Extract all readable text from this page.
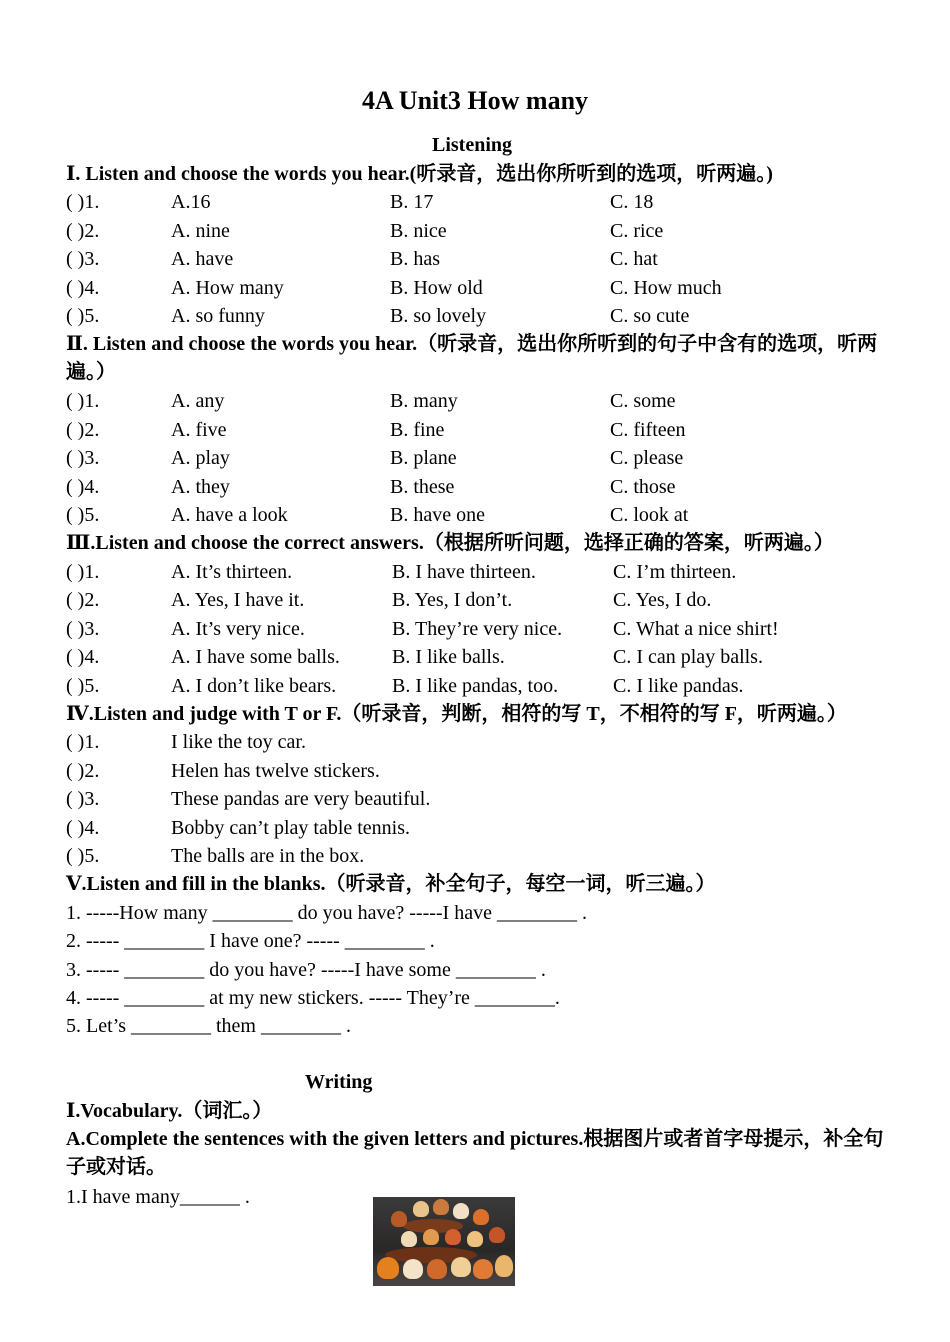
4A Unit3 How many
Listening
Ⅰ. Listen and choose the words you hear.(听录音，选出你所听到的选项，听两遍。)
( )1.	A.16	B. 17	C. 18
( )2.	A. nine	B. nice	C. rice
( )3.	A. have	B. has	C. hat
( )4.	A. How many	B. How old	C. How much
( )5.	A. so funny	B. so lovely	C. so cute
Ⅱ. Listen and choose the words you hear.（听录音，选出你所听到的句子中含有的选项，听两遍。）
( )1.	A. any	B. many	C. some
( )2.	A. five	B. fine	C. fifteen
( )3.	A. play	B. plane	C. please
( )4.	A. they	B. these	C. those
( )5.	A. have a look	B. have one	C. look at
Ⅲ.Listen and choose the correct answers.（根据所听问题，选择正确的答案，听两遍。）
( )1.	A. It’s thirteen.	B. I have thirteen.	C. I’m thirteen.
( )2.	A. Yes, I have it.	B. Yes, I don’t.	C. Yes, I do.
( )3.	A. It’s very nice.	B. They’re very nice.	C. What a nice shirt!
( )4.	A. I have some balls.	B. I like balls.	C. I can play balls.
( )5.	A. I don’t like bears.	B. I like pandas, too.	C. I like pandas.
Ⅳ.Listen and judge with T or F.（听录音，判断，相符的写 T，不相符的写 F，听两遍。）
( )1.	I like the toy car.
( )2.	Helen has twelve stickers.
( )3.	These pandas are very beautiful.
( )4.	Bobby can’t play table tennis.
( )5.	The balls are in the box.
Ⅴ.Listen and fill in the blanks.（听录音，补全句子，每空一词，听三遍。）
1. -----How many ________ do you have? -----I have ________ .
2. ----- ________ I have one? ----- ________ .
3. ----- ________ do you have? -----I have some ________ .
4. ----- ________ at my new stickers. ----- They’re ________.
5. Let’s ________ them ________ .
Writing
Ⅰ.Vocabulary.（词汇。）
A.Complete the sentences with the given letters and pictures.根据图片或者首字母提示，补全句子或对话。
1.I have many______ .
